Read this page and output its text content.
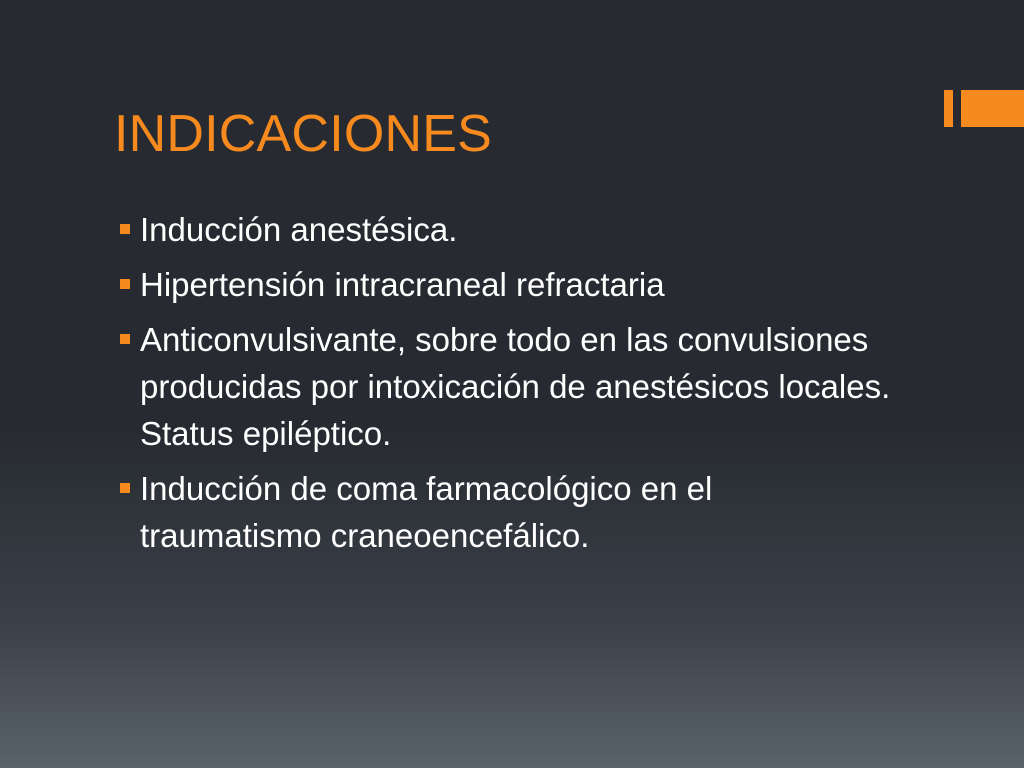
INDICACIONES
Inducción anestésica.
Hipertensión intracraneal refractaria
Anticonvulsivante, sobre todo en las convulsiones producidas por intoxicación de anestésicos locales. Status epiléptico.
Inducción de coma farmacológico en el traumatismo craneoencefálico.
